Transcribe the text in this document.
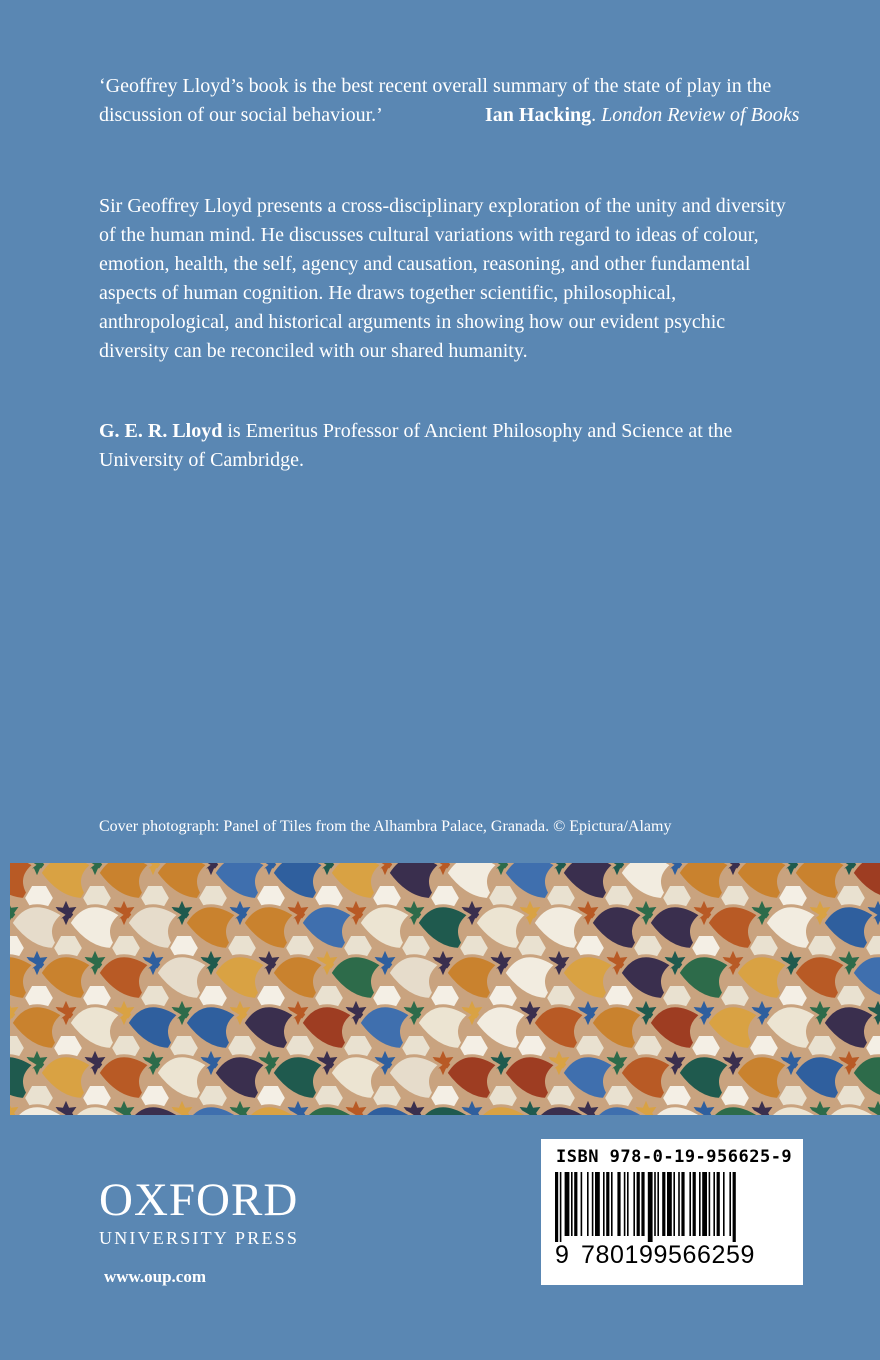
‘Geoffrey Lloyd’s book is the best recent overall summary of the state of play in the discussion of our social behaviour.’	Ian Hacking. London Review of Books
Sir Geoffrey Lloyd presents a cross-disciplinary exploration of the unity and diversity of the human mind. He discusses cultural variations with regard to ideas of colour, emotion, health, the self, agency and causation, reasoning, and other fundamental aspects of human cognition. He draws together scientific, philosophical, anthropological, and historical arguments in showing how our evident psychic diversity can be reconciled with our shared humanity.
G. E. R. Lloyd is Emeritus Professor of Ancient Philosophy and Science at the University of Cambridge.
Cover photograph: Panel of Tiles from the Alhambra Palace, Granada. © Epictura/Alamy
OXFORD
UNIVERSITY PRESS
www.oup.com
ISBN 978-0-19-956625-9
9 780199566259
